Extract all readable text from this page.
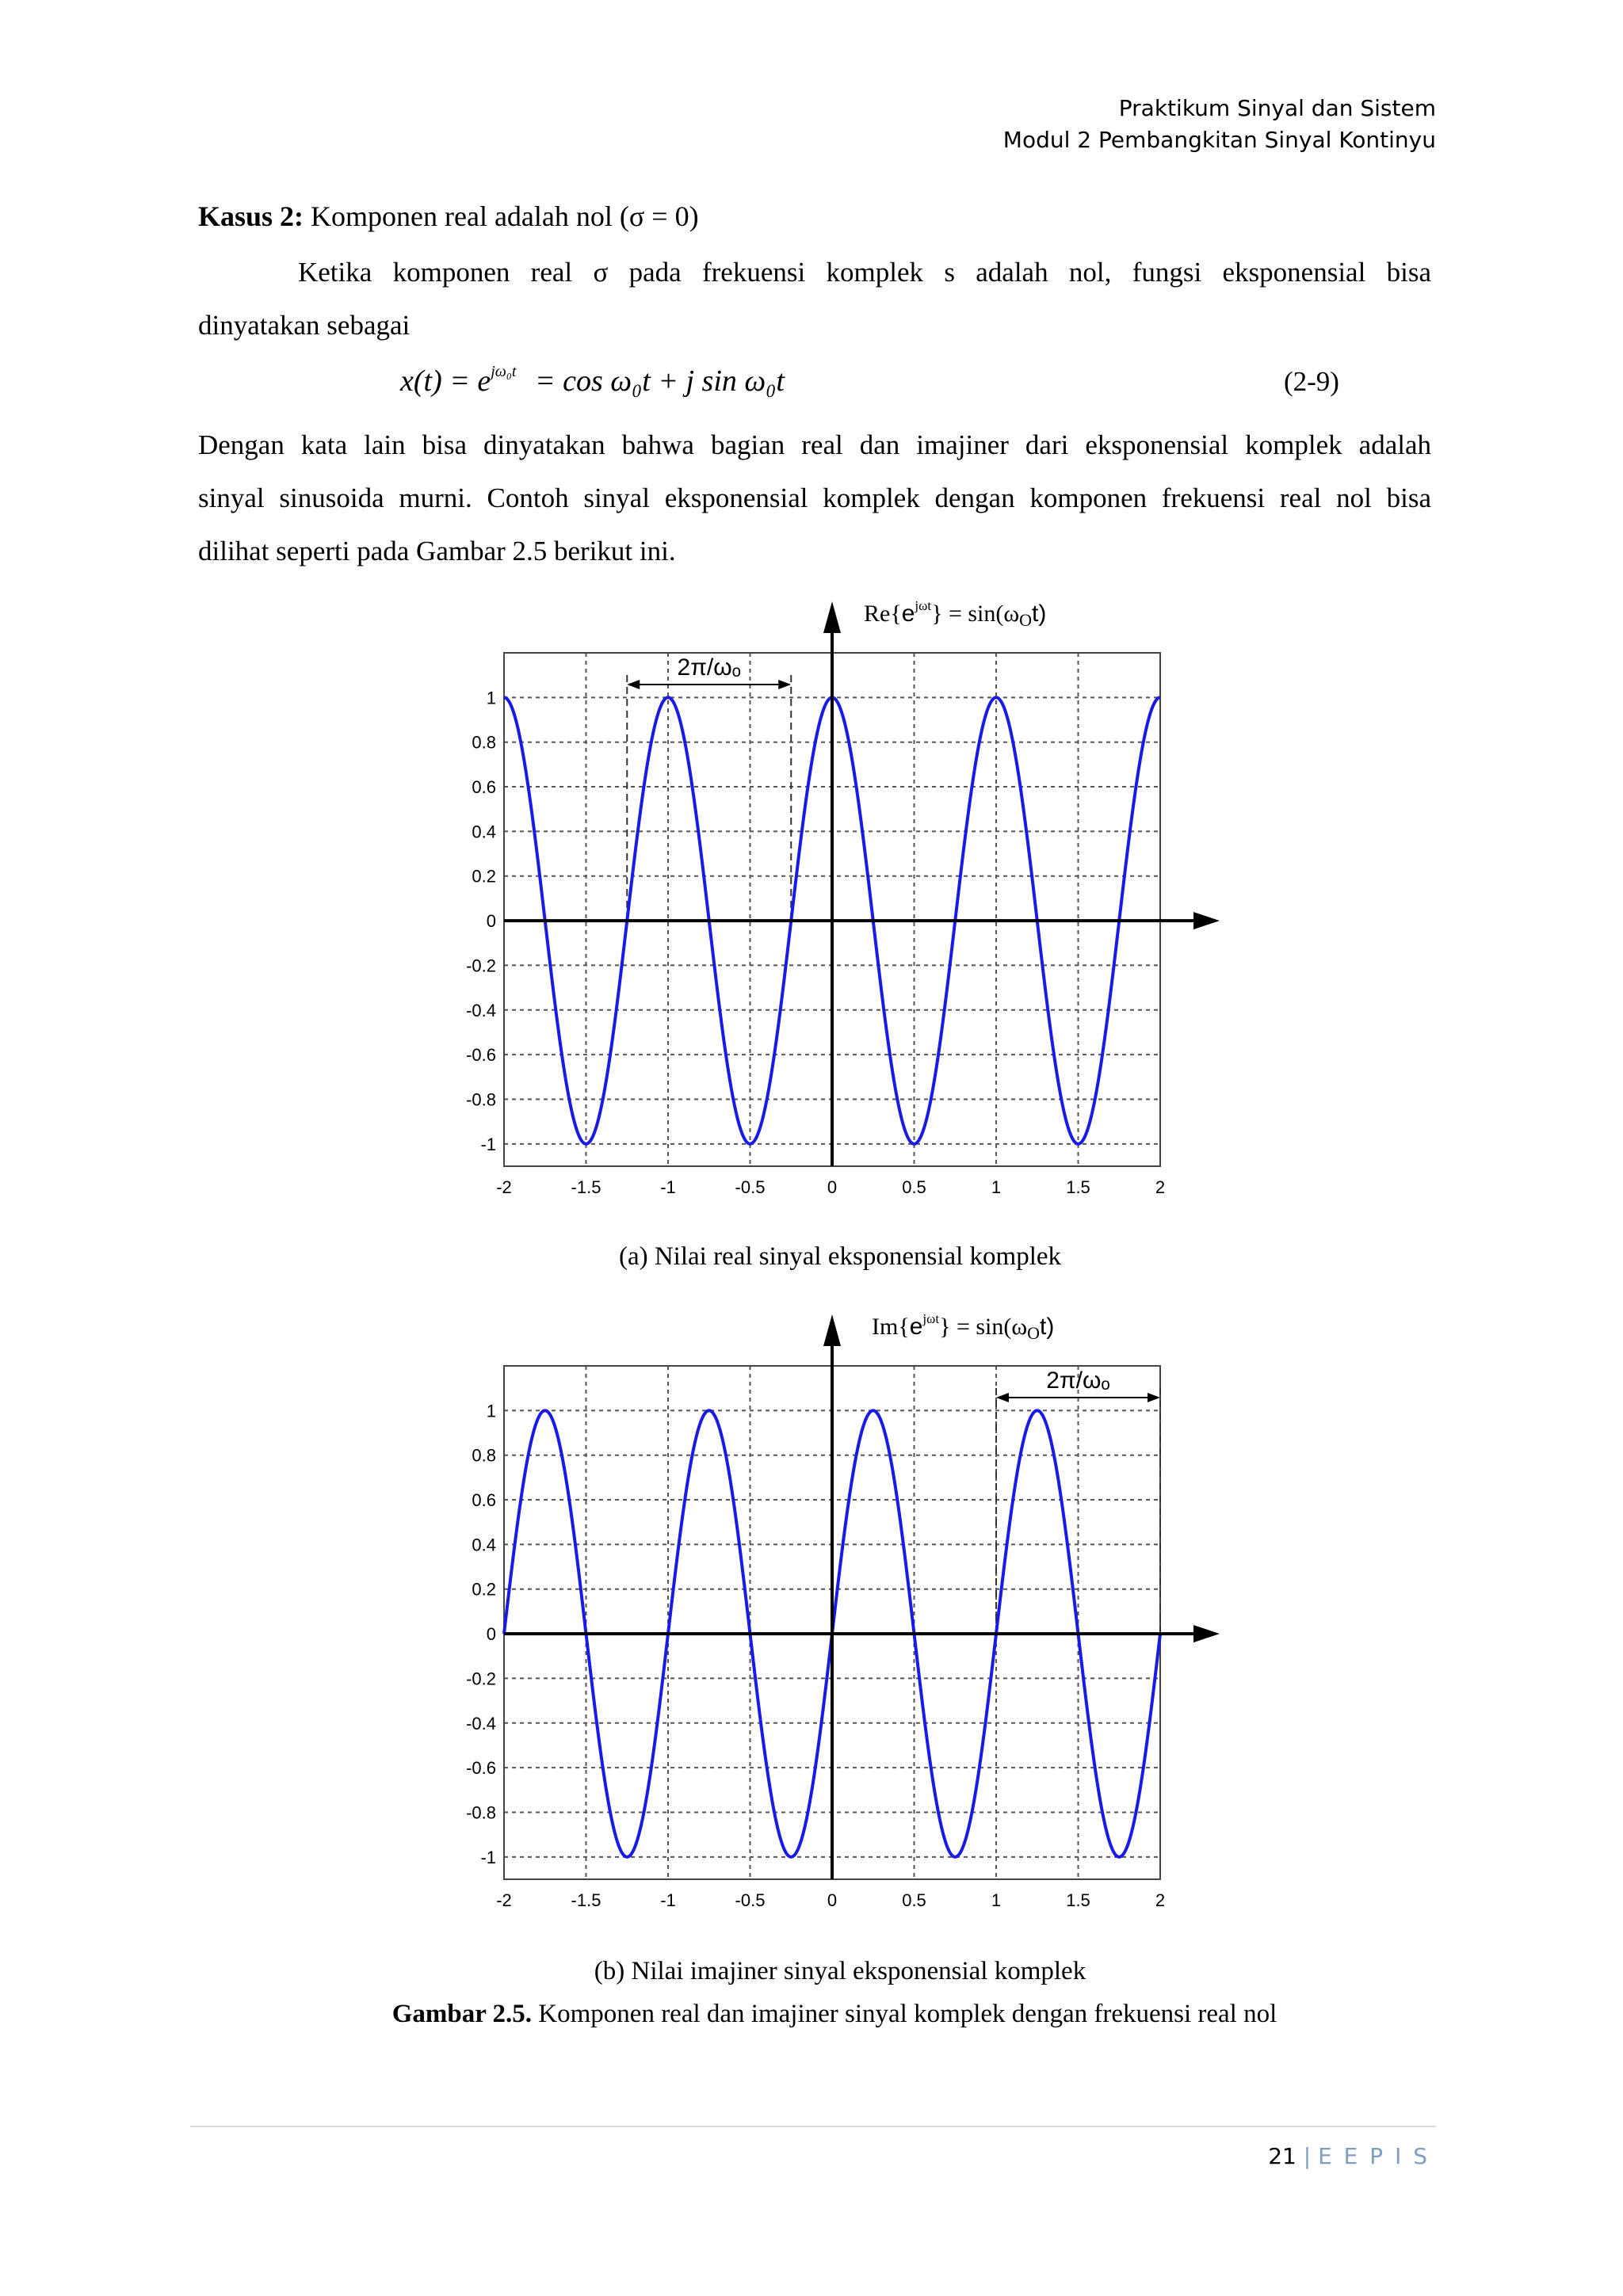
Praktikum Sinyal dan Sistem
Modul 2 Pembangkitan Sinyal Kontinyu
Kasus 2: Komponen real adalah nol (σ = 0)
Ketika komponen real σ pada frekuensi komplek s adalah nol, fungsi eksponensial bisa
dinyatakan sebagai
$x(t) = e^{j\omega_0t} = \cos \omega_0t + j$ sin ω₀t	(2-9)
Dengan kata lain bisa dinyatakan bahwa bagian real dan imajiner dari eksponensial komplek adalah
sinyal sinusoida murni. Contoh sinyal eksponensial komplek dengan komponen frekuensi real nol bisa
dilihat seperti pada Gambar 2.5 berikut ini.
-2	-1.5	-1	-0.5	0	0.5	1	1.5	2
-1
-0.8
-0.6
-0.4
-0.2
0
0.2
0.4
0.6
0.8
1
2π/ωₒ
$Re\{e^{j\omega t}\} = \sin(\omega_Ot)$
(a) Nilai real sinyal eksponensial komplek
-2	-1.5	-1	-0.5	0	0.5	1	1.5	2
-1
-0.8
-0.6
-0.4
-0.2
0
0.2
0.4
0.6
0.8
1
2π/ωₒ
$Im\{e^{j\omega t}\} = \sin(\omega_Ot)$
(b) Nilai imajiner sinyal eksponensial komplek
Gambar 2.5. Komponen real dan imajiner sinyal komplek dengan frekuensi real nol
21 | E E P I S
